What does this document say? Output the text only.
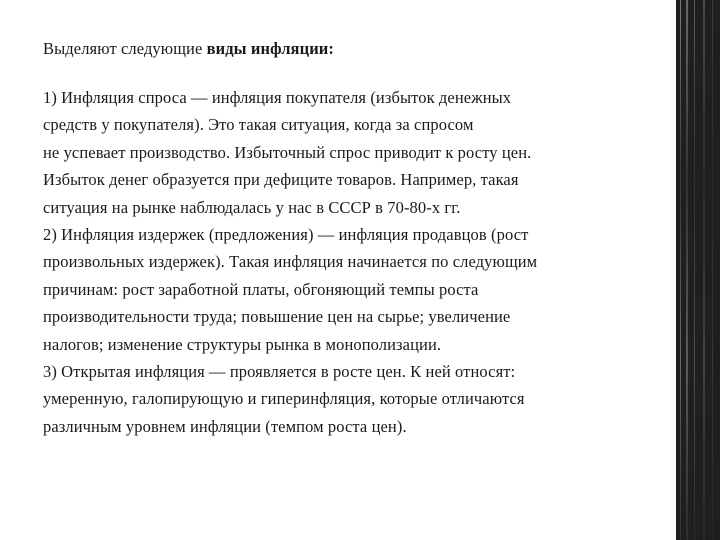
Выделяют следующие виды инфляции:

1) Инфляция спроса — инфляция покупателя (избыток денежных
средств у покупателя). Это такая ситуация, когда за спросом
не успевает производство. Избыточный спрос приводит к росту цен.
Избыток денег образуется при дефиците товаров. Например, такая
ситуация на рынке наблюдалась у нас в СССР в 70-80-х гг.
2) Инфляция издержек (предложения) — инфляция продавцов (рост
произвольных издержек). Такая инфляция начинается по следующим
причинам: рост заработной платы, обгоняющий темпы роста
производительности труда; повышение цен на сырье; увеличение
налогов; изменение структуры рынка в монополизации.
3) Открытая инфляция — проявляется в росте цен. К ней относят:
умеренную, галопирующую и гиперинфляция, которые отличаются
различным уровнем инфляции (темпом роста цен).
